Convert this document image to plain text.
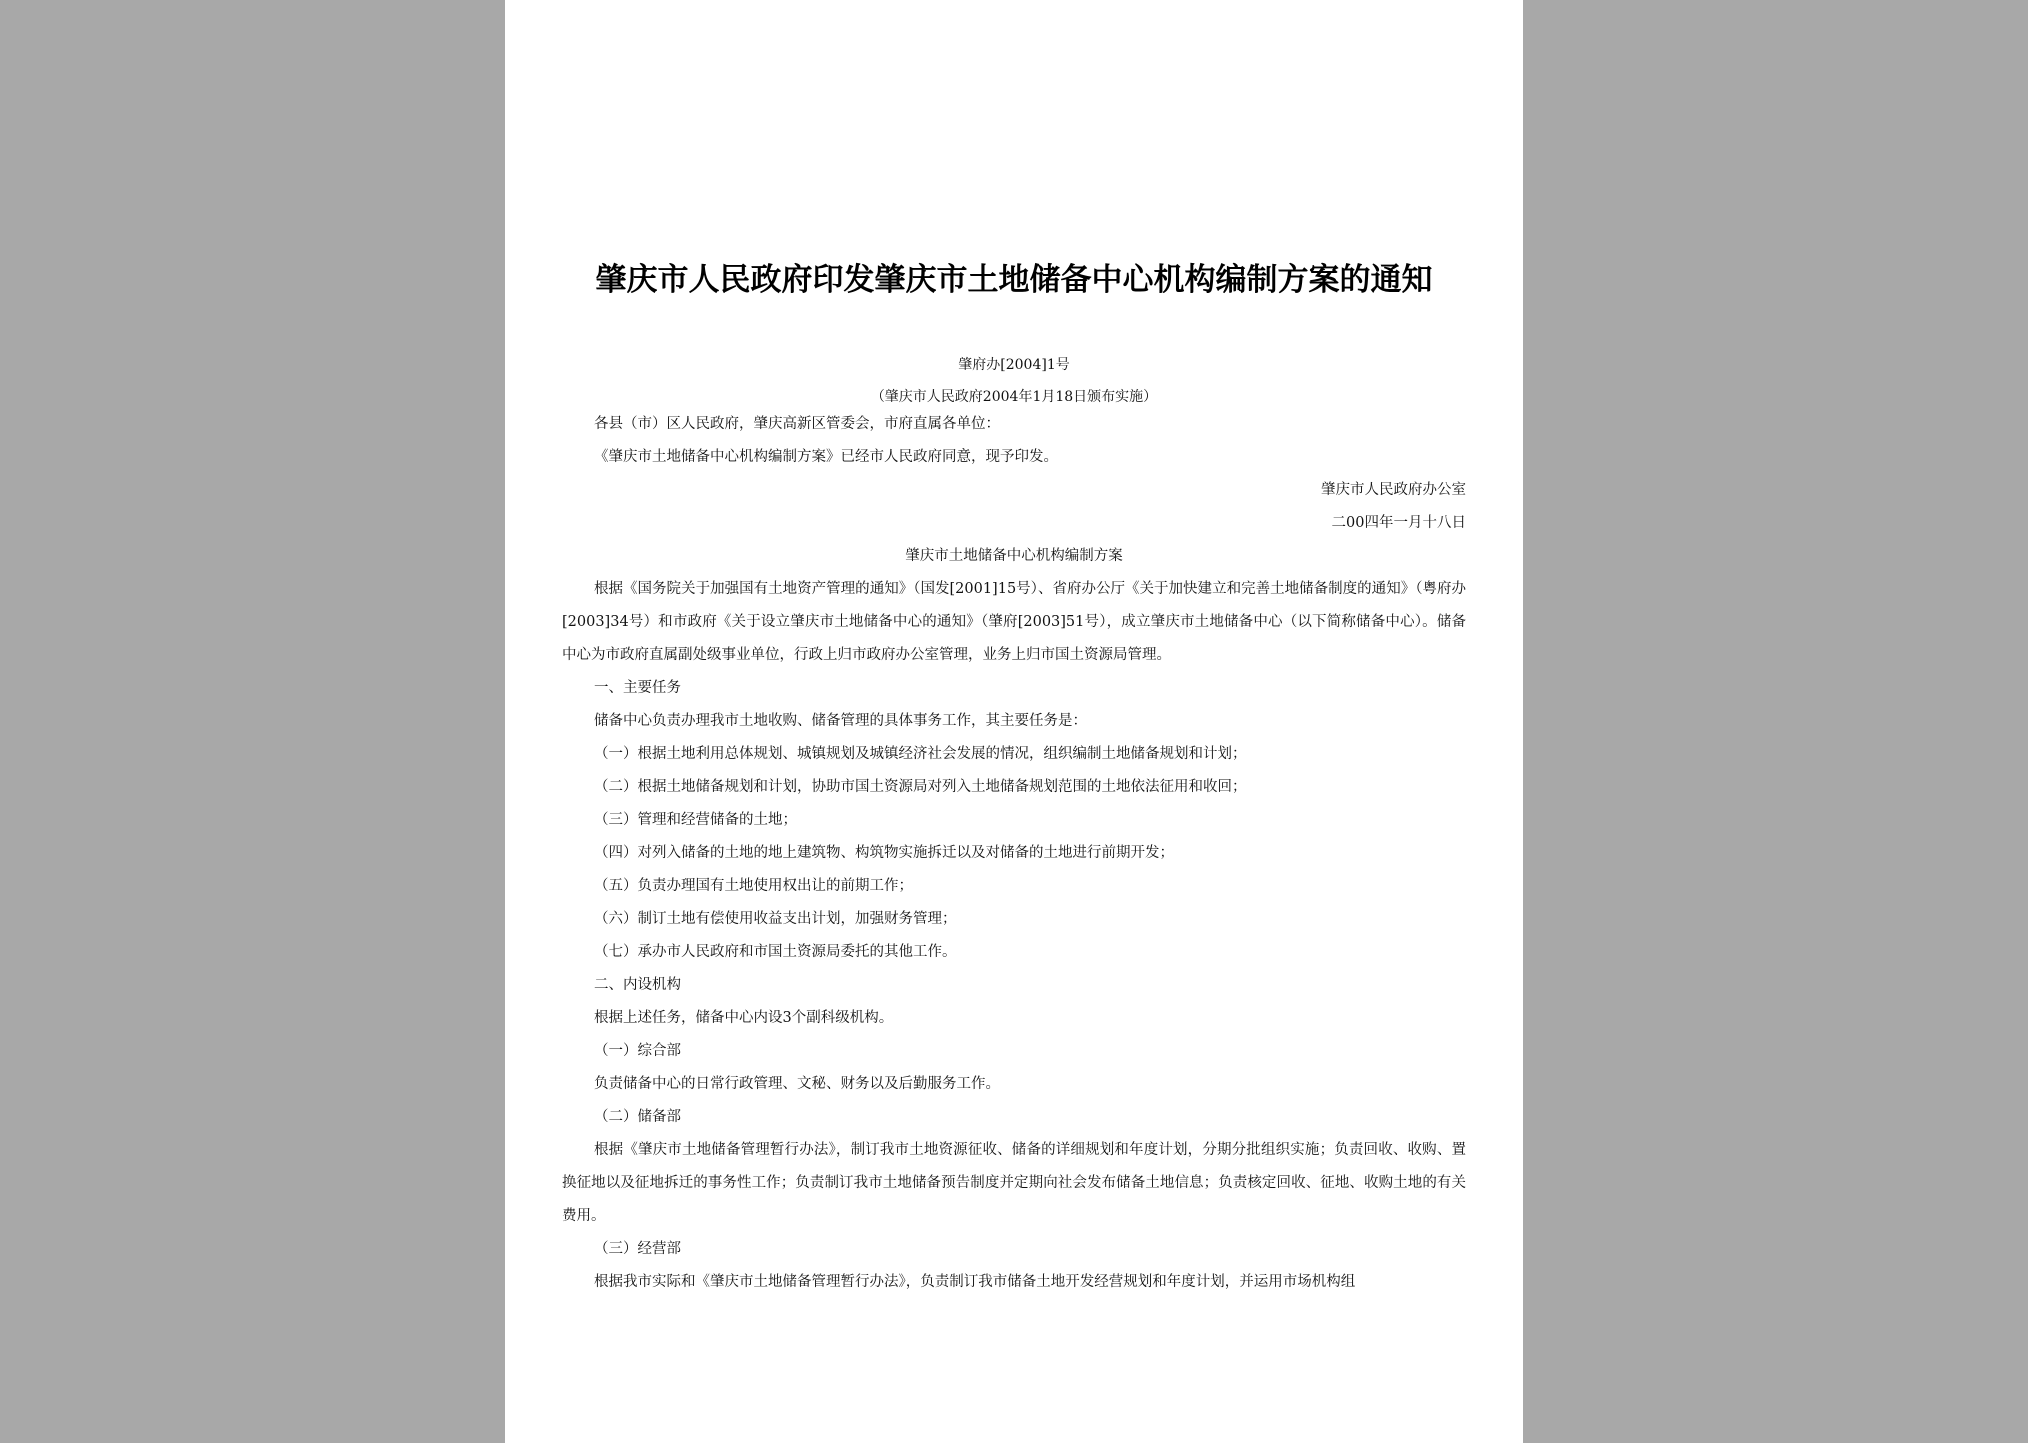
肇庆市人民政府印发肇庆市土地储备中心机构编制方案的通知
肇府办[2004]1号
（肇庆市人民政府2004年1月18日颁布实施）
各县（市）区人民政府，肇庆高新区管委会，市府直属各单位：
《肇庆市土地储备中心机构编制方案》已经市人民政府同意，现予印发。
肇庆市人民政府办公室
二00四年一月十八日
肇庆市土地储备中心机构编制方案
根据《国务院关于加强国有土地资产管理的通知》（国发[2001]15号）、省府办公厅《关于加快建立和完善土地储备制度的通知》（粤府办[2003]34号）和市政府《关于设立肇庆市土地储备中心的通知》（肇府[2003]51号），成立肇庆市土地储备中心（以下简称储备中心）。储备中心为市政府直属副处级事业单位，行政上归市政府办公室管理，业务上归市国土资源局管理。
一、主要任务
储备中心负责办理我市土地收购、储备管理的具体事务工作，其主要任务是：
（一）根据土地利用总体规划、城镇规划及城镇经济社会发展的情况，组织编制土地储备规划和计划；
（二）根据土地储备规划和计划，协助市国土资源局对列入土地储备规划范围的土地依法征用和收回；
（三）管理和经营储备的土地；
（四）对列入储备的土地的地上建筑物、构筑物实施拆迁以及对储备的土地进行前期开发；
（五）负责办理国有土地使用权出让的前期工作；
（六）制订土地有偿使用收益支出计划，加强财务管理；
（七）承办市人民政府和市国土资源局委托的其他工作。
二、内设机构
根据上述任务，储备中心内设3个副科级机构。
（一）综合部
负责储备中心的日常行政管理、文秘、财务以及后勤服务工作。
（二）储备部
根据《肇庆市土地储备管理暂行办法》，制订我市土地资源征收、储备的详细规划和年度计划，分期分批组织实施；负责回收、收购、置换征地以及征地拆迁的事务性工作；负责制订我市土地储备预告制度并定期向社会发布储备土地信息；负责核定回收、征地、收购土地的有关费用。
（三）经营部
根据我市实际和《肇庆市土地储备管理暂行办法》，负责制订我市储备土地开发经营规划和年度计划，并运用市场机构组
